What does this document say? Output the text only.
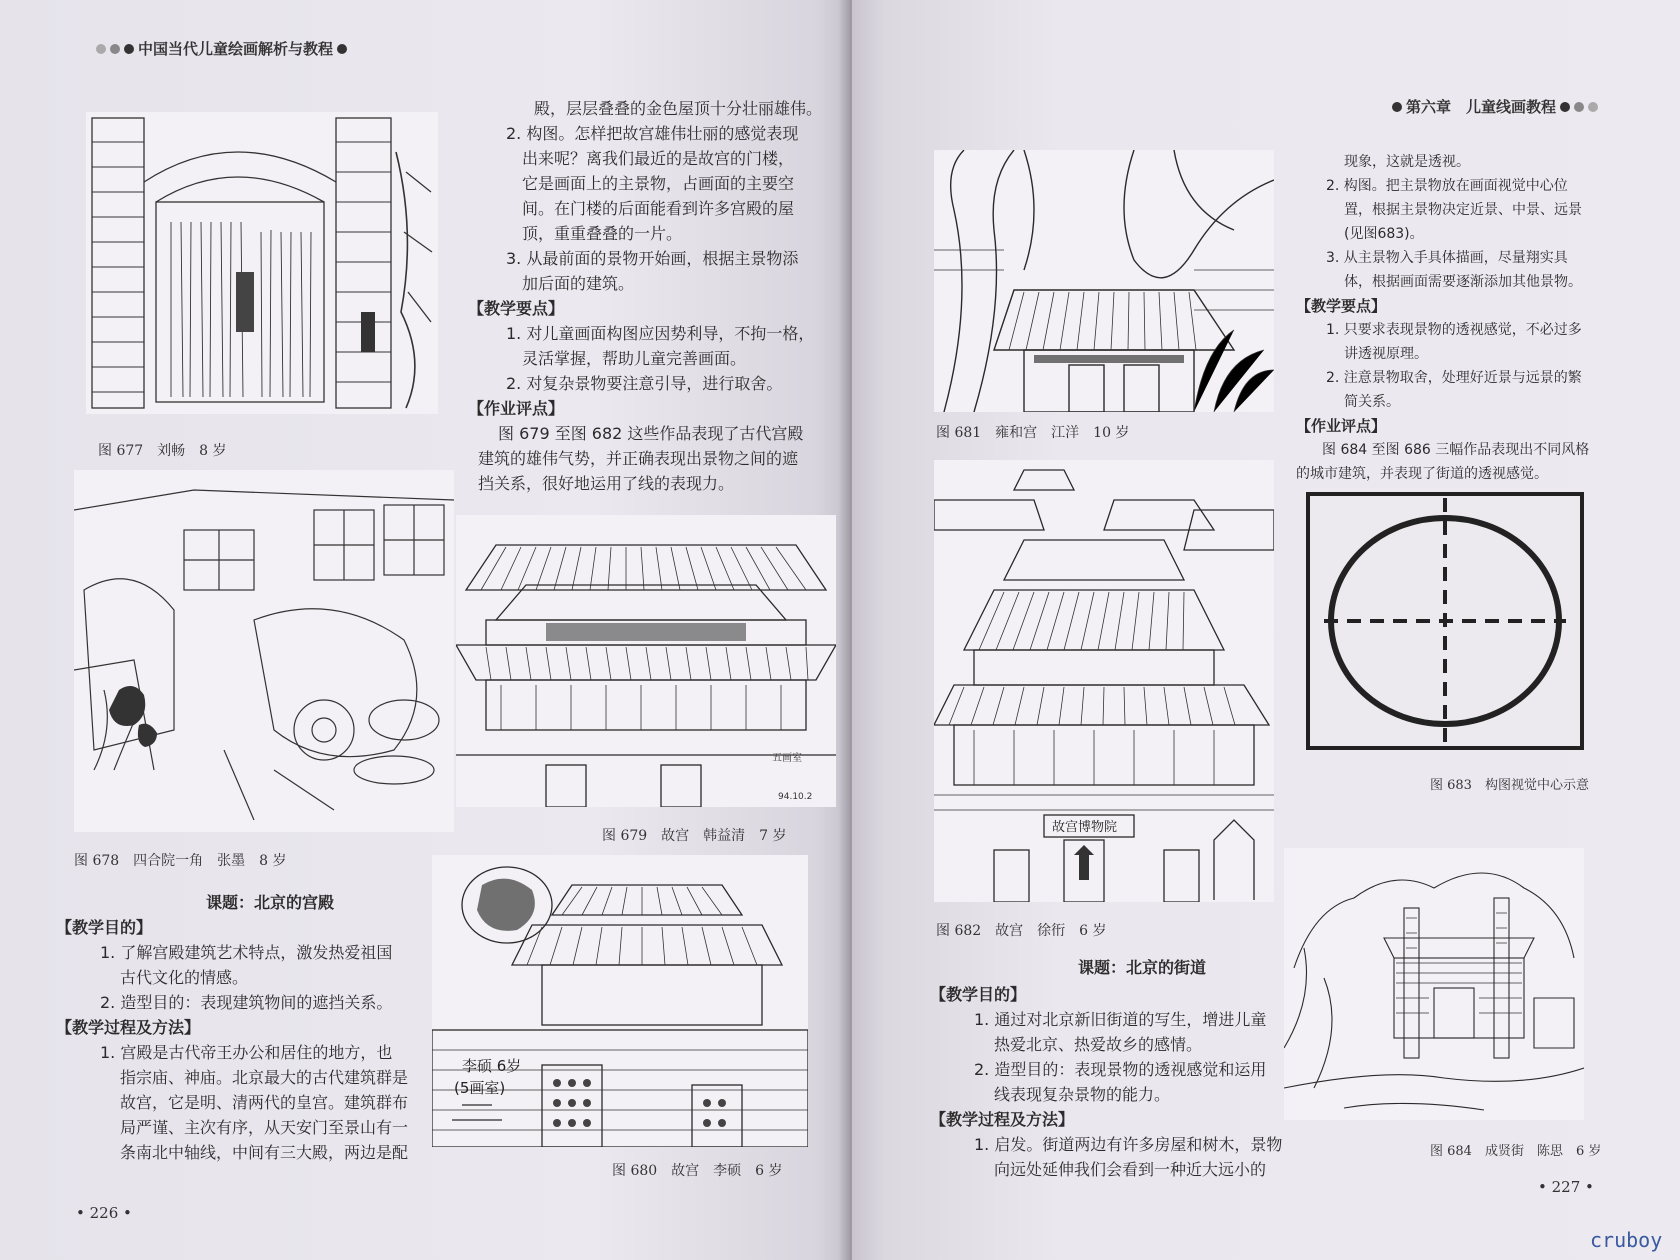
中国当代儿童绘画解析与教程
五画室
94.10.2
李硕 6岁
(5画室)

殿，层层叠叠的金色屋顶十分壮丽雄伟。

2. 构图。怎样把故宫雄伟壮丽的感觉表现

出来呢？离我们最近的是故宫的门楼，

它是画面上的主景物，占画面的主要空

间。在门楼的后面能看到许多宫殿的屋

顶，重重叠叠的一片。

3. 从最前面的景物开始画，根据主景物添

加后面的建筑。

【教学要点】

1. 对儿童画面构图应因势利导，不拘一格，

灵活掌握，帮助儿童完善画面。

2. 对复杂景物要注意引导，进行取舍。

【作业评点】

图 679 至图 682 这些作品表现了古代宫殿

建筑的雄伟气势，并正确表现出景物之间的遮

挡关系，很好地运用了线的表现力。

图 677　刘畅　8 岁
图 678　四合院一角　张墨　8 岁
图 679　故宫　韩益清　7 岁
图 680　故宫　李硕　6 岁
课题：北京的宫殿

【教学目的】

1. 了解宫殿建筑艺术特点，激发热爱祖国

古代文化的情感。

2. 造型目的：表现建筑物间的遮挡关系。

【教学过程及方法】

1. 宫殿是古代帝王办公和居住的地方，也

指宗庙、神庙。北京最大的古代建筑群是

故宫，它是明、清两代的皇宫。建筑群布

局严谨、主次有序，从天安门至景山有一

条南北中轴线，中间有三大殿，两边是配

• 226 •
第六章　儿童线画教程
故宫博物院
图 681　雍和宫　江洋　10 岁
图 682　故宫　徐衎　6 岁

现象，这就是透视。

2. 构图。把主景物放在画面视觉中心位

置，根据主景物决定近景、中景、远景

(见图683)。

3. 从主景物入手具体描画，尽量翔实具

体，根据画面需要逐渐添加其他景物。

【教学要点】

1. 只要求表现景物的透视感觉，不必过多

讲透视原理。

2. 注意景物取舍，处理好近景与远景的繁

简关系。

【作业评点】

图 684 至图 686 三幅作品表现出不同风格

的城市建筑，并表现了街道的透视感觉。

图 683　构图视觉中心示意
图 684　成贤街　陈思　6 岁
课题：北京的街道

【教学目的】

1. 通过对北京新旧街道的写生，增进儿童

热爱北京、热爱故乡的感情。

2. 造型目的：表现景物的透视感觉和运用

线表现复杂景物的能力。

【教学过程及方法】

1. 启发。街道两边有许多房屋和树木，景物

向远处延伸我们会看到一种近大远小的

• 227 •
cruboy
